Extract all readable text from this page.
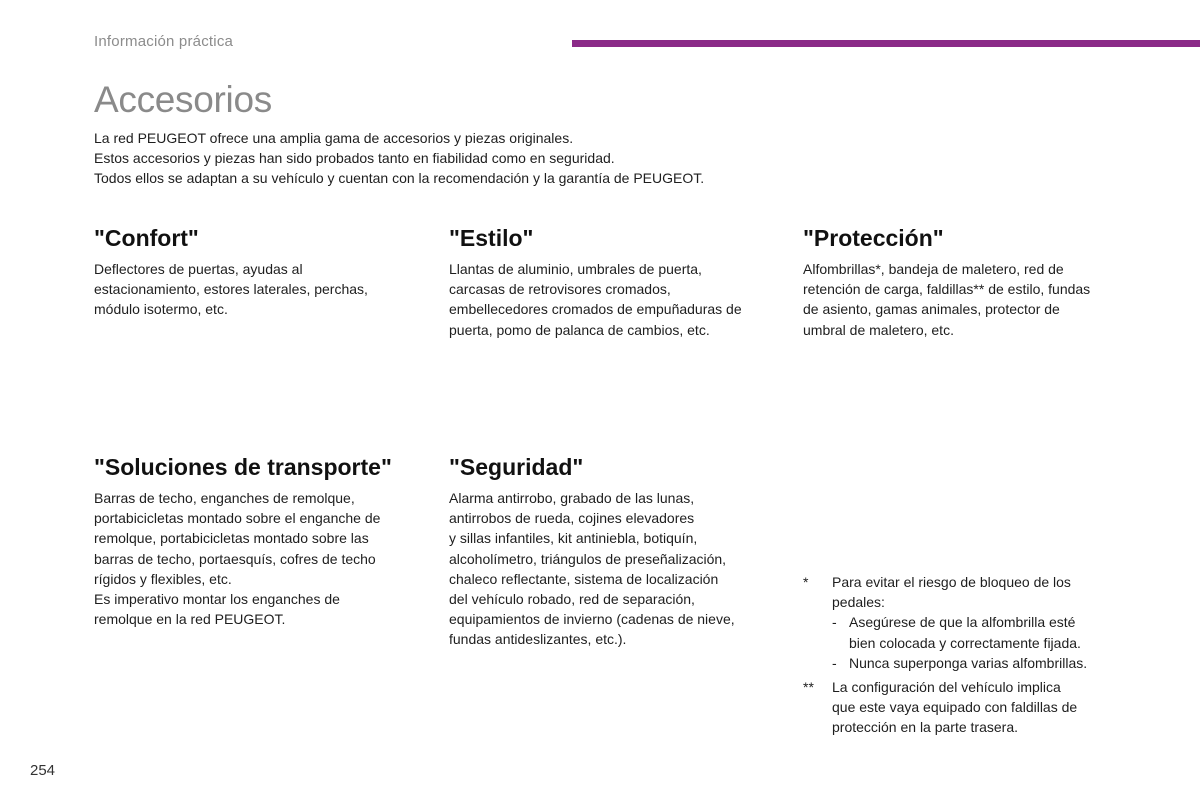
Información práctica
Accesorios

La red PEUGEOT ofrece una amplia gama de accesorios y piezas originales.

Estos accesorios y piezas han sido probados tanto en fiabilidad como en seguridad.

Todos ellos se adaptan a su vehículo y cuentan con la recomendación y la garantía de PEUGEOT.

"Confort"

Deflectores de puertas, ayudas al

estacionamiento, estores laterales, perchas,

módulo isotermo, etc.

"Estilo"

Llantas de aluminio, umbrales de puerta,

carcasas de retrovisores cromados,

embellecedores cromados de empuñaduras de

puerta, pomo de palanca de cambios, etc.

"Protección"

Alfombrillas*, bandeja de maletero, red de

retención de carga, faldillas** de estilo, fundas

de asiento, gamas animales, protector de

umbral de maletero, etc.

"Soluciones de transporte"

Barras de techo, enganches de remolque,

portabicicletas montado sobre el enganche de

remolque, portabicicletas montado sobre las

barras de techo, portaesquís, cofres de techo

rígidos y flexibles, etc.

Es imperativo montar los enganches de

remolque en la red PEUGEOT.

"Seguridad"

Alarma antirrobo, grabado de las lunas,

antirrobos de rueda, cojines elevadores

y sillas infantiles, kit antiniebla, botiquín,

alcoholímetro, triángulos de preseñalización,

chaleco reflectante, sistema de localización

del vehículo robado, red de separación,

equipamientos de invierno (cadenas de nieve,

fundas antideslizantes, etc.).

*	Para evitar el riesgo de bloqueo de los
pedales:
- Asegúrese de que la alfombrilla esté
bien colocada y correctamente fijada.
- Nunca superponga varias alfombrillas.
**	La configuración del vehículo implica
que este vaya equipado con faldillas de
protección en la parte trasera.
254
